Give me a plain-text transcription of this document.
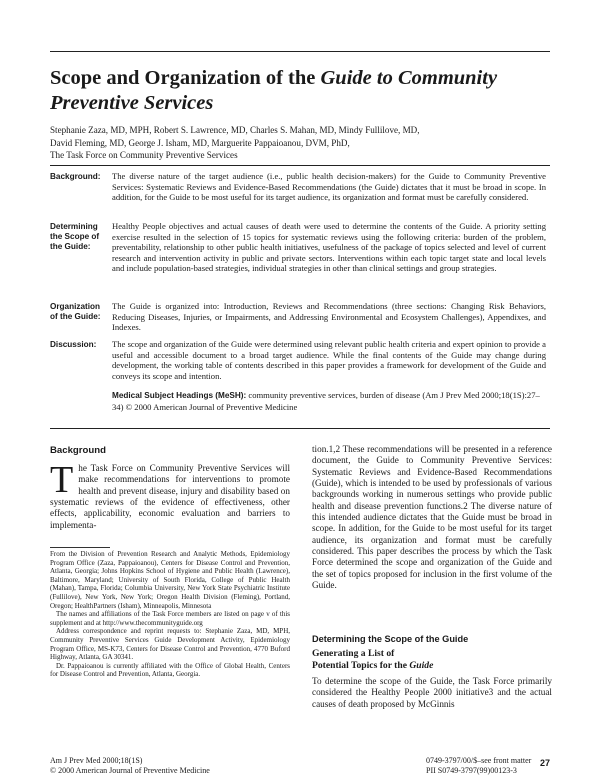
Scope and Organization of the Guide to Community
Preventive Services
Stephanie Zaza, MD, MPH, Robert S. Lawrence, MD, Charles S. Mahan, MD, Mindy Fullilove, MD,
David Fleming, MD, George J. Isham, MD, Marguerite Pappaioanou, DVM, PhD,
The Task Force on Community Preventive Services
Background:	The diverse nature of the target audience (i.e., public health decision-makers) for the Guide to Community Preventive Services: Systematic Reviews and Evidence-Based Recommendations (the Guide) dictates that it must be broad in scope. In addition, for the Guide to be most useful for its target audience, its organization and format must be carefully considered.
Determining the Scope of the Guide:
Healthy People objectives and actual causes of death were used to determine the contents of the Guide. A priority setting exercise resulted in the selection of 15 topics for systematic reviews using the following criteria: burden of the problem, preventability, relationship to other public health initiatives, usefulness of the package of topics selected and level of current research and intervention activity in public and private sectors. Interventions within each topic target state and local levels and include population-based strategies, individual strategies in other than clinical settings and group strategies.
Organization of the Guide:
The Guide is organized into: Introduction, Reviews and Recommendations (three sections: Changing Risk Behaviors, Reducing Diseases, Injuries, or Impairments, and Addressing Environmental and Ecosystem Challenges), Appendixes, and Indexes.
Discussion:	The scope and organization of the Guide were determined using relevant public health criteria and expert opinion to provide a useful and accessible document to a broad target audience. While the final contents of the Guide may change during development, the working table of contents described in this paper provides a framework for development of the Guide and conveys its scope and intention.
Medical Subject Headings (MeSH): community preventive services, burden of disease (Am J Prev Med 2000;18(1S):27–34) © 2000 American Journal of Preventive Medicine
Background
The Task Force on Community Preventive Services will make recommendations for interventions to promote health and prevent disease, injury and disability based on systematic reviews of the evidence of effectiveness, other effects, applicability, economic evaluation and barriers to implementa-

From the Division of Prevention Research and Analytic Methods, Epidemiology Program Office (Zaza, Pappaioanou), Centers for Disease Control and Prevention, Atlanta, Georgia; Johns Hopkins School of Hygiene and Public Health (Lawrence), Baltimore, Maryland; University of South Florida, College of Public Health (Mahan), Tampa, Florida; Columbia University, New York State Psychiatric Institute (Fullilove), New York, New York; Oregon Health Division (Fleming), Portland, Oregon; HealthPartners (Isham), Minneapolis, Minnesota

The names and affiliations of the Task Force members are listed on page v of this supplement and at http://www.thecommunityguide.org

Address correspondence and reprint requests to: Stephanie Zaza, MD, MPH, Community Preventive Services Guide Development Activity, Epidemiology Program Office, MS-K73, Centers for Disease Control and Prevention, 4770 Buford Highway, Atlanta, GA 30341.

Dr. Pappaioanou is currently affiliated with the Office of Global Health, Centers for Disease Control and Prevention, Atlanta, Georgia.

tion.1,2 These recommendations will be presented in a reference document, the Guide to Community Preventive Services: Systematic Reviews and Evidence-Based Recommendations (Guide), which is intended to be used by professionals of various backgrounds working in numerous settings who provide public health and disease prevention functions.2 The diverse nature of this intended audience dictates that the Guide must be broad in scope. In addition, for the Guide to be most useful for its target audience, its organization and format must be carefully considered. This paper describes the process by which the Task Force determined the scope and organization of the Guide and the set of topics proposed for inclusion in the first volume of the Guide.
Determining the Scope of the Guide
Generating a List of
Potential Topics for the Guide
To determine the scope of the Guide, the Task Force primarily considered the Healthy People 2000 initiative3 and the actual causes of death proposed by McGinnis
Am J Prev Med 2000;18(1S)
© 2000 American Journal of Preventive Medicine
0749-3797/00/$–see front matter
PII S0749-3797(99)00123-3
27
